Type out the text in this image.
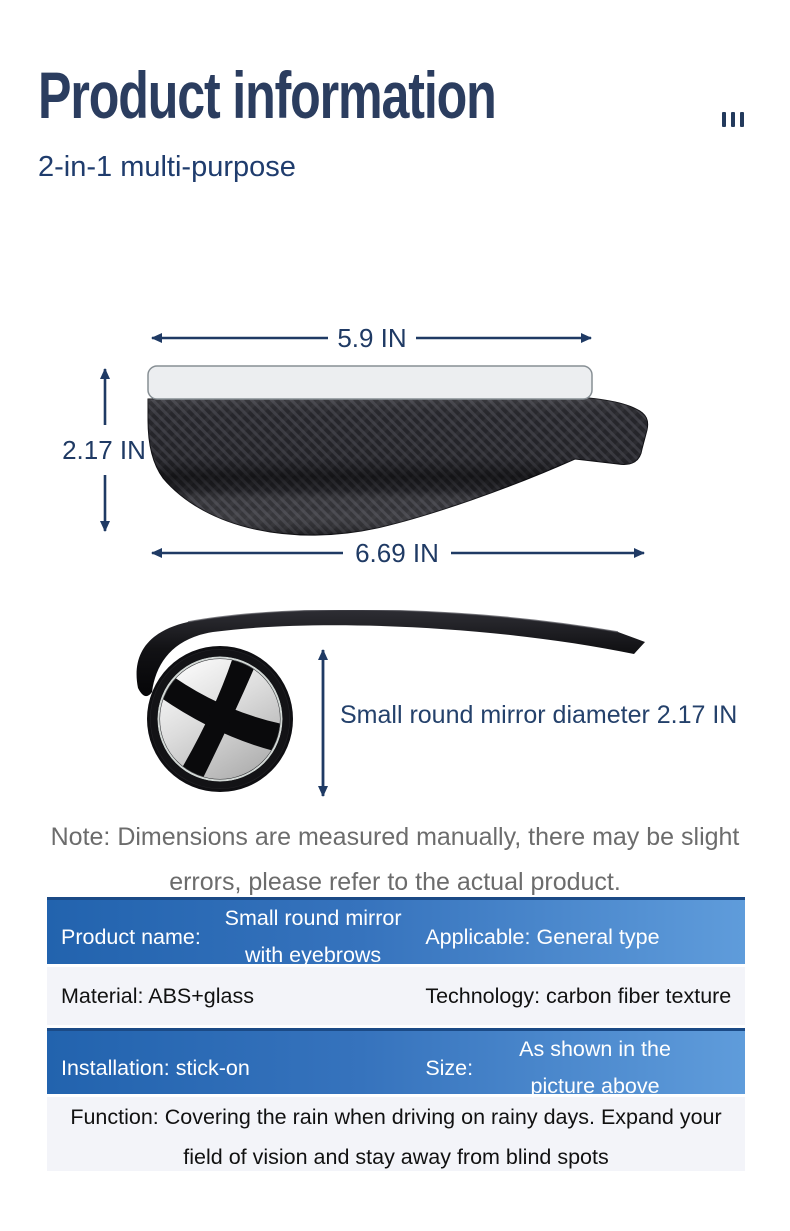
Product information
2-in-1 multi-purpose
5.9 IN
2.17 IN
6.69 IN
Small round mirror diameter 2.17 IN
Note: Dimensions are measured manually, there may be slight
errors, please refer to the actual product.
Product name:
Small round mirror
with eyebrows
Applicable: General type
Material: ABS+glass	Technology: carbon fiber texture
Installation: stick-on	Size:
As shown in the
picture above
Function: Covering the rain when driving on rainy days. Expand your
field of vision and stay away from blind spots
